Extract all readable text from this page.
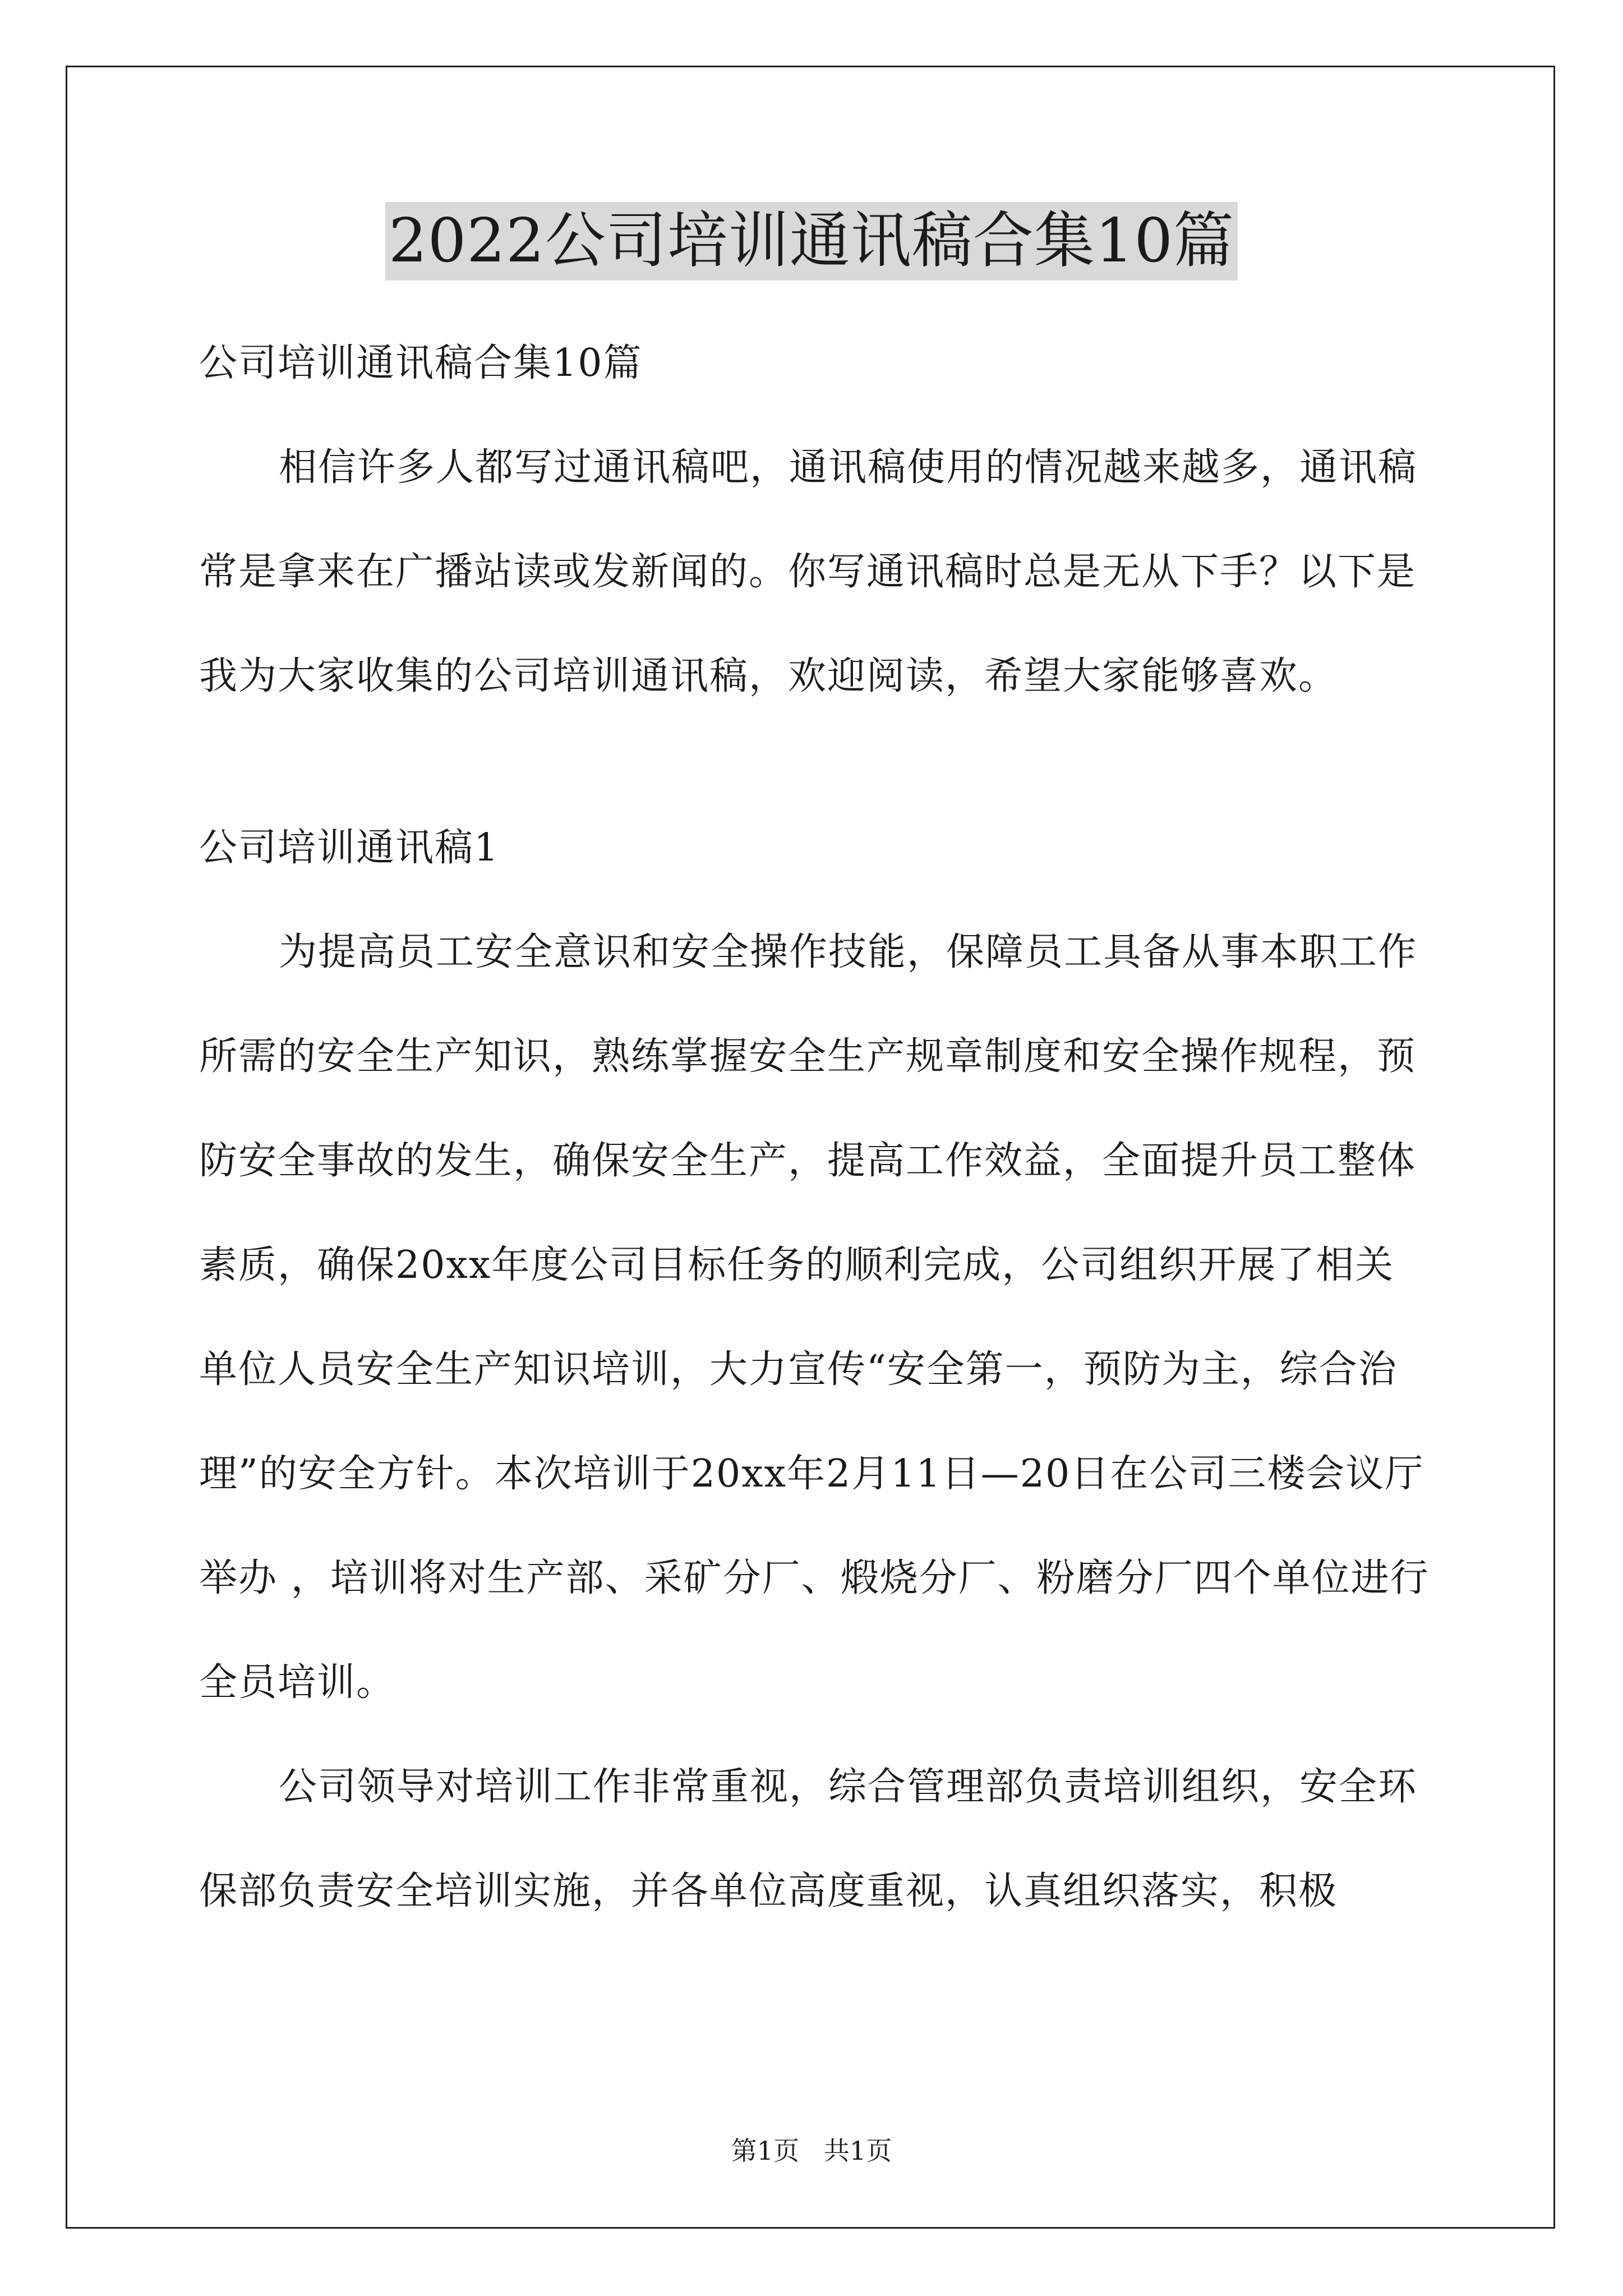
2022公司培训通讯稿合集10篇

公司培训通讯稿合集10篇

相信许多人都写过通讯稿吧，通讯稿使用的情况越来越多，通讯稿常是拿来在广播站读或发新闻的。你写通讯稿时总是无从下手？以下是我为大家收集的公司培训通讯稿，欢迎阅读，希望大家能够喜欢。

公司培训通讯稿1

为提高员工安全意识和安全操作技能，保障员工具备从事本职工作所需的安全生产知识，熟练掌握安全生产规章制度和安全操作规程，预防安全事故的发生，确保安全生产，提高工作效益，全面提升员工整体素质，确保20xx年度公司目标任务的顺利完成，公司组织开展了相关单位人员安全生产知识培训，大力宣传“安全第一，预防为主，综合治理”的安全方针。本次培训于20xx年2月11日—20日在公司三楼会议厅举办 ，培训将对生产部、采矿分厂、煅烧分厂、粉磨分厂四个单位进行全员培训。

公司领导对培训工作非常重视，综合管理部负责培训组织，安全环保部负责安全培训实施，并各单位高度重视，认真组织落实，积极

第1页   共1页
